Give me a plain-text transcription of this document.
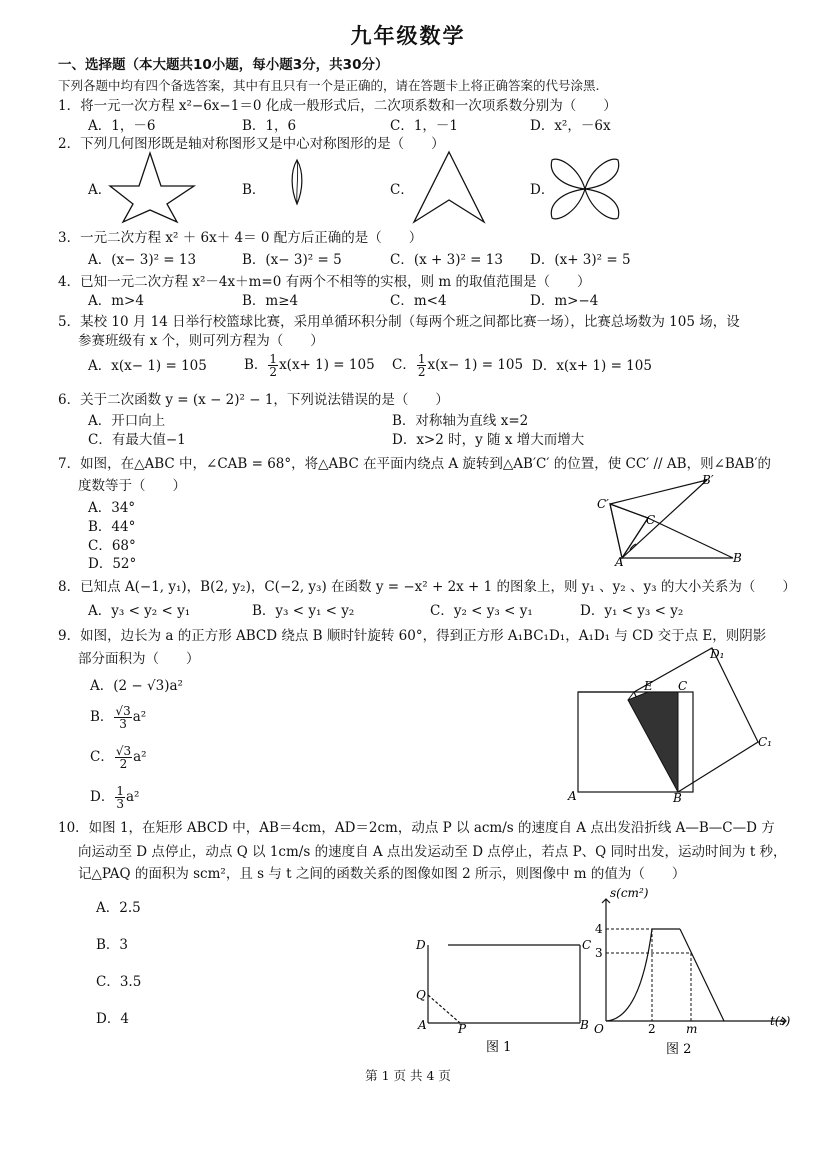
九年级数学
一、选择题（本大题共10小题，每小题3分，共30分）
下列各题中均有四个备选答案，其中有且只有一个是正确的，请在答题卡上将正确答案的代号涂黑.
1．将一元一次方程 x²−6x−1＝0 化成一般形式后，二次项系数和一次项系数分别为（　　）
A．1，－6	B．1，6	C．1，－1	D．x²，－6x
2．下列几何图形既是轴对称图形又是中心对称图形的是（　　）
A．	B．	C．	D．
3．一元二次方程 x² ＋ 6x＋ 4＝ 0 配方后正确的是（　　）
A．(x− 3)² = 13	B．(x− 3)² = 5	C．(x + 3)² = 13 D．(x+ 3)² = 5
4．已知一元二次方程 x²－4x＋m=0 有两个不相等的实根，则 m 的取值范围是（　　）
A．m>4	B．m≥4	C．m<4	D．m>−4
5．某校 10 月 14 日举行校篮球比赛，采用单循环积分制（每两个班之间都比赛一场），比赛总场数为 105 场，设
参赛班级有 x 个，则可列方程为（　　）
A．x(x− 1) = 105	B． $\frac{1}{2} x(x+ 1) = 105$ C． $\frac{1}{2} x(x- 1) = 105$ D．x(x+ 1) = 105
6．关于二次函数 y = (x − 2)² − 1，下列说法错误的是（　　）
A．开口向上	B．对称轴为直线 x=2
C．有最大值−1	D．x>2 时，y 随 x 增大而增大
7．如图，在△ABC 中，∠CAB = 68°，将△ABC 在平面内绕点 A 旋转到△AB′C′ 的位置，使 CC′ // AB，则∠BAB′的
度数等于（　　）
A．34°
B．44°
C．68°
D．52°
C′
B′
C
A	B
8．已知点 A(−1, y₁)，B(2, y₂)，C(−2, y₃) 在函数 y = −x² + 2x + 1 的图象上，则 y₁ 、y₂ 、y₃ 的大小关系为（　　）
A．y₃ < y₂ < y₁	B．y₃ < y₁ < y₂	C．y₂ < y₃ < y₁	D．y₁ < y₃ < y₂
9．如图，边长为 a 的正方形 ABCD 绕点 B 顺时针旋转 60°，得到正方形 A₁BC₁D₁，A₁D₁ 与 CD 交于点 E，则阴影
部分面积为（　　）
A．(2 − √3)a²
B． $\frac{√3}{3} a^2$
C． $\frac{√3}{2} a^2$
D． $\frac{1}{3} a^2$
D₁
E C
C₁
A	B
10．如图 1，在矩形 ABCD 中，AB＝4cm，AD＝2cm，动点 P 以 acm/s 的速度自 A 点出发沿折线 A—B—C—D 方
向运动至 D 点停止，动点 Q 以 1cm/s 的速度自 A 点出发运动至 D 点停止，若点 P、Q 同时出发，运动时间为 t 秒，
记△PAQ 的面积为 scm²，且 s 与 t 之间的函数关系的图像如图 2 所示，则图像中 m 的值为（　　）
A．2.5
B．3
C．3.5
D．4
D	C
Q
A	P	B
图 1
s(cm²)
t(s)
4
3
O	2	m
图 2
第 1 页 共 4 页
